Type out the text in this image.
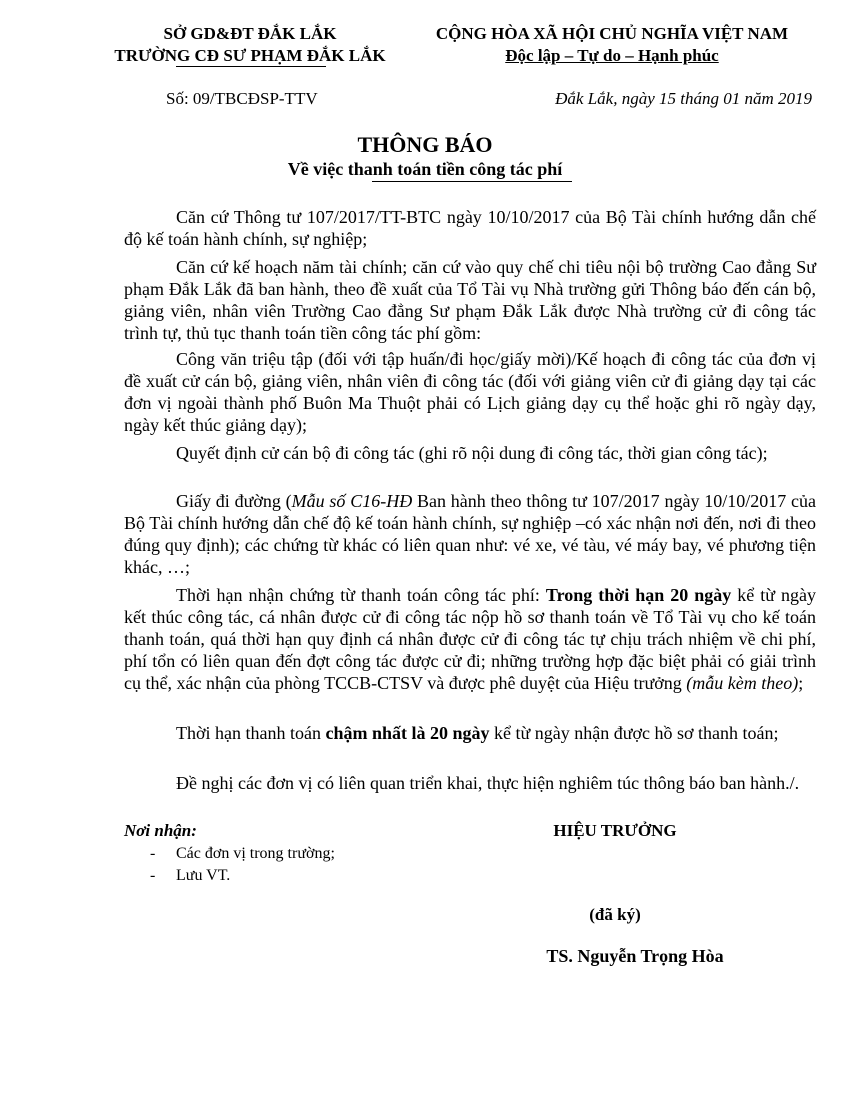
SỞ GD&ĐT ĐẮK LẮK
TRƯỜNG CĐ SƯ PHẠM ĐẮK LẮK
CỘNG HÒA XÃ HỘI CHỦ NGHĨA VIỆT NAM
Độc lập – Tự do – Hạnh phúc
Số: 09/TBCĐSP-TTV	Đắk Lắk, ngày 15 tháng 01 năm 2019
THÔNG BÁO
Về việc thanh toán tiền công tác phí
Căn cứ Thông tư 107/2017/TT-BTC ngày 10/10/2017 của Bộ Tài chính hướng dẫn chế độ kế toán hành chính, sự nghiệp;
Căn cứ kế hoạch năm tài chính; căn cứ vào quy chế chi tiêu nội bộ trường Cao đẳng Sư phạm Đắk Lắk đã ban hành, theo đề xuất của Tổ Tài vụ Nhà trường gửi Thông báo đến cán bộ, giảng viên, nhân viên Trường Cao đẳng Sư phạm Đắk Lắk được Nhà trường cử đi công tác trình tự, thủ tục thanh toán tiền công tác phí gồm:
Công văn triệu tập (đối với tập huấn/đi học/giấy mời)/Kế hoạch đi công tác của đơn vị đề xuất cử cán bộ, giảng viên, nhân viên đi công tác (đối với giảng viên cử đi giảng dạy tại các đơn vị ngoài thành phố Buôn Ma Thuột phải có Lịch giảng dạy cụ thể hoặc ghi rõ ngày dạy, ngày kết thúc giảng dạy);
Quyết định cử cán bộ đi công tác (ghi rõ nội dung đi công tác, thời gian công tác);
Giấy đi đường (Mẫu số C16-HĐ Ban hành theo thông tư 107/2017 ngày 10/10/2017 của Bộ Tài chính hướng dẫn chế độ kế toán hành chính, sự nghiệp –có xác nhận nơi đến, nơi đi theo đúng quy định); các chứng từ khác có liên quan như: vé xe, vé tàu, vé máy bay, vé phương tiện khác, …;
Thời hạn nhận chứng từ thanh toán công tác phí: Trong thời hạn 20 ngày kể từ ngày kết thúc công tác, cá nhân được cử đi công tác nộp hồ sơ thanh toán về Tổ Tài vụ cho kế toán thanh toán, quá thời hạn quy định cá nhân được cử đi công tác tự chịu trách nhiệm về chi phí, phí tổn có liên quan đến đợt công tác được cử đi; những trường hợp đặc biệt phải có giải trình cụ thể, xác nhận của phòng TCCB-CTSV và được phê duyệt của Hiệu trưởng (mẫu kèm theo);
Thời hạn thanh toán chậm nhất là 20 ngày kể từ ngày nhận được hồ sơ thanh toán;
Đề nghị các đơn vị có liên quan triển khai, thực hiện nghiêm túc thông báo ban hành./.
Nơi nhận:
- Các đơn vị trong trường;
- Lưu VT.
HIỆU TRƯỞNG
(đã ký)
TS. Nguyễn Trọng Hòa
